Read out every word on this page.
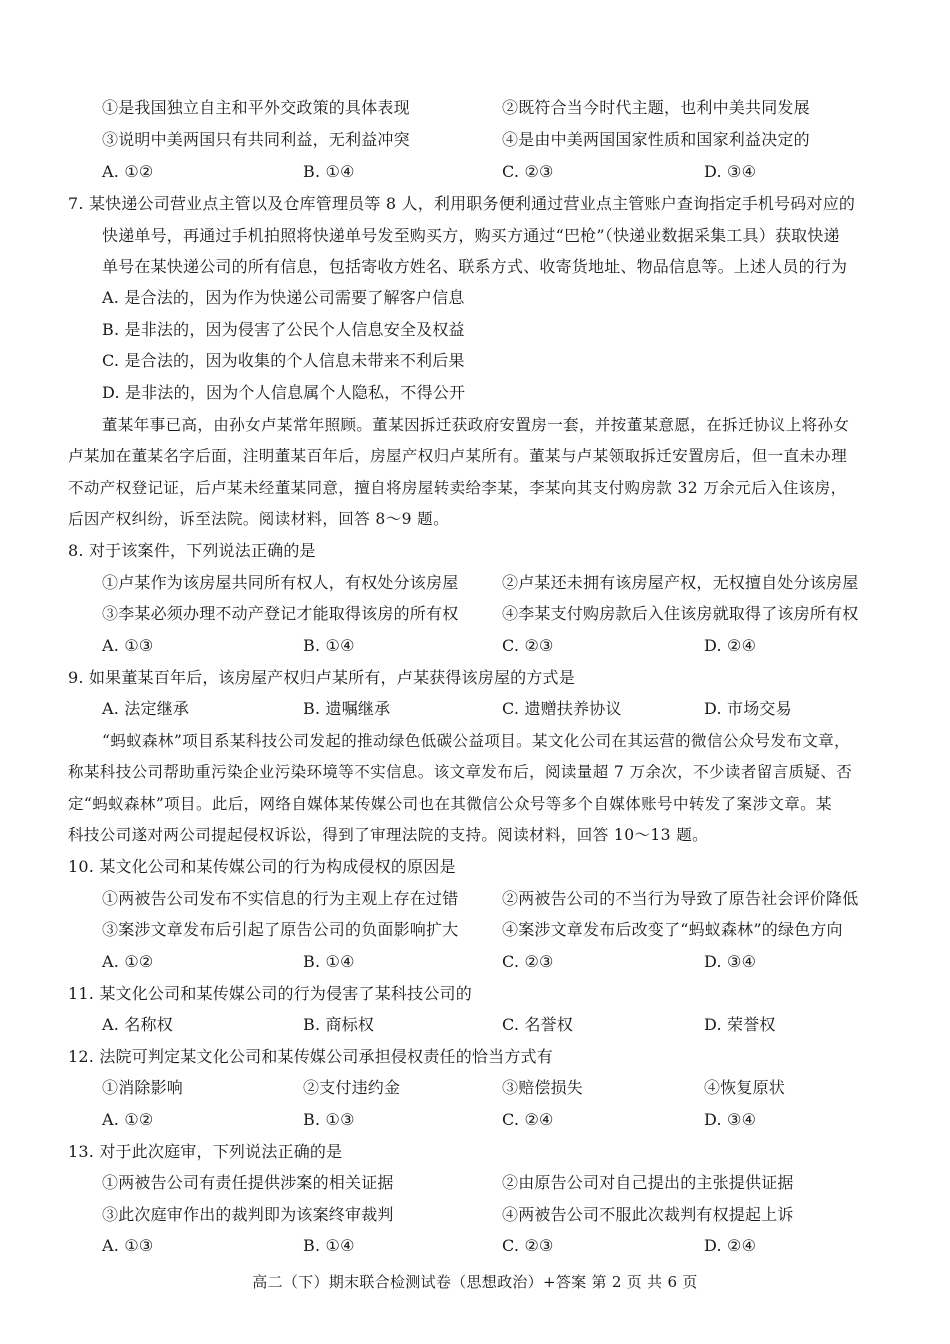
①是我国独立自主和平外交政策的具体表现	②既符合当今时代主题，也利中美共同发展
③说明中美两国只有共同利益，无利益冲突	④是由中美两国国家性质和国家利益决定的
A. ①②	B. ①④	C. ②③	D. ③④
7. 某快递公司营业点主管以及仓库管理员等 8 人，利用职务便利通过营业点主管账户查询指定手机号码对应的
快递单号，再通过手机拍照将快递单号发至购买方，购买方通过“巴枪”（快递业数据采集工具）获取快递
单号在某快递公司的所有信息，包括寄收方姓名、联系方式、收寄货地址、物品信息等。上述人员的行为
A. 是合法的，因为作为快递公司需要了解客户信息
B. 是非法的，因为侵害了公民个人信息安全及权益
C. 是合法的，因为收集的个人信息未带来不利后果
D. 是非法的，因为个人信息属个人隐私，不得公开
董某年事已高，由孙女卢某常年照顾。董某因拆迁获政府安置房一套，并按董某意愿，在拆迁协议上将孙女
卢某加在董某名字后面，注明董某百年后，房屋产权归卢某所有。董某与卢某领取拆迁安置房后，但一直未办理
不动产权登记证，后卢某未经董某同意，擅自将房屋转卖给李某，李某向其支付购房款 32 万余元后入住该房，
后因产权纠纷，诉至法院。阅读材料，回答 8～9 题。
8. 对于该案件，下列说法正确的是
①卢某作为该房屋共同所有权人，有权处分该房屋	②卢某还未拥有该房屋产权，无权擅自处分该房屋
③李某必须办理不动产登记才能取得该房的所有权	④李某支付购房款后入住该房就取得了该房所有权
A. ①③	B. ①④	C. ②③	D. ②④
9. 如果董某百年后，该房屋产权归卢某所有，卢某获得该房屋的方式是
A. 法定继承	B. 遗嘱继承	C. 遗赠扶养协议	D. 市场交易
“蚂蚁森林”项目系某科技公司发起的推动绿色低碳公益项目。某文化公司在其运营的微信公众号发布文章，
称某科技公司帮助重污染企业污染环境等不实信息。该文章发布后，阅读量超 7 万余次，不少读者留言质疑、否
定“蚂蚁森林”项目。此后，网络自媒体某传媒公司也在其微信公众号等多个自媒体账号中转发了案涉文章。某
科技公司遂对两公司提起侵权诉讼，得到了审理法院的支持。阅读材料，回答 10～13 题。
10. 某文化公司和某传媒公司的行为构成侵权的原因是
①两被告公司发布不实信息的行为主观上存在过错	②两被告公司的不当行为导致了原告社会评价降低
③案涉文章发布后引起了原告公司的负面影响扩大	④案涉文章发布后改变了“蚂蚁森林”的绿色方向
A. ①②	B. ①④	C. ②③	D. ③④
11. 某文化公司和某传媒公司的行为侵害了某科技公司的
A. 名称权	B. 商标权	C. 名誉权	D. 荣誉权
12. 法院可判定某文化公司和某传媒公司承担侵权责任的恰当方式有
①消除影响	②支付违约金	③赔偿损失	④恢复原状
A. ①②	B. ①③	C. ②④	D. ③④
13. 对于此次庭审，下列说法正确的是
①两被告公司有责任提供涉案的相关证据	②由原告公司对自己提出的主张提供证据
③此次庭审作出的裁判即为该案终审裁判	④两被告公司不服此次裁判有权提起上诉
A. ①③	B. ①④	C. ②③	D. ②④
高二（下）期末联合检测试卷（思想政治）+答案 第 2 页 共 6 页
